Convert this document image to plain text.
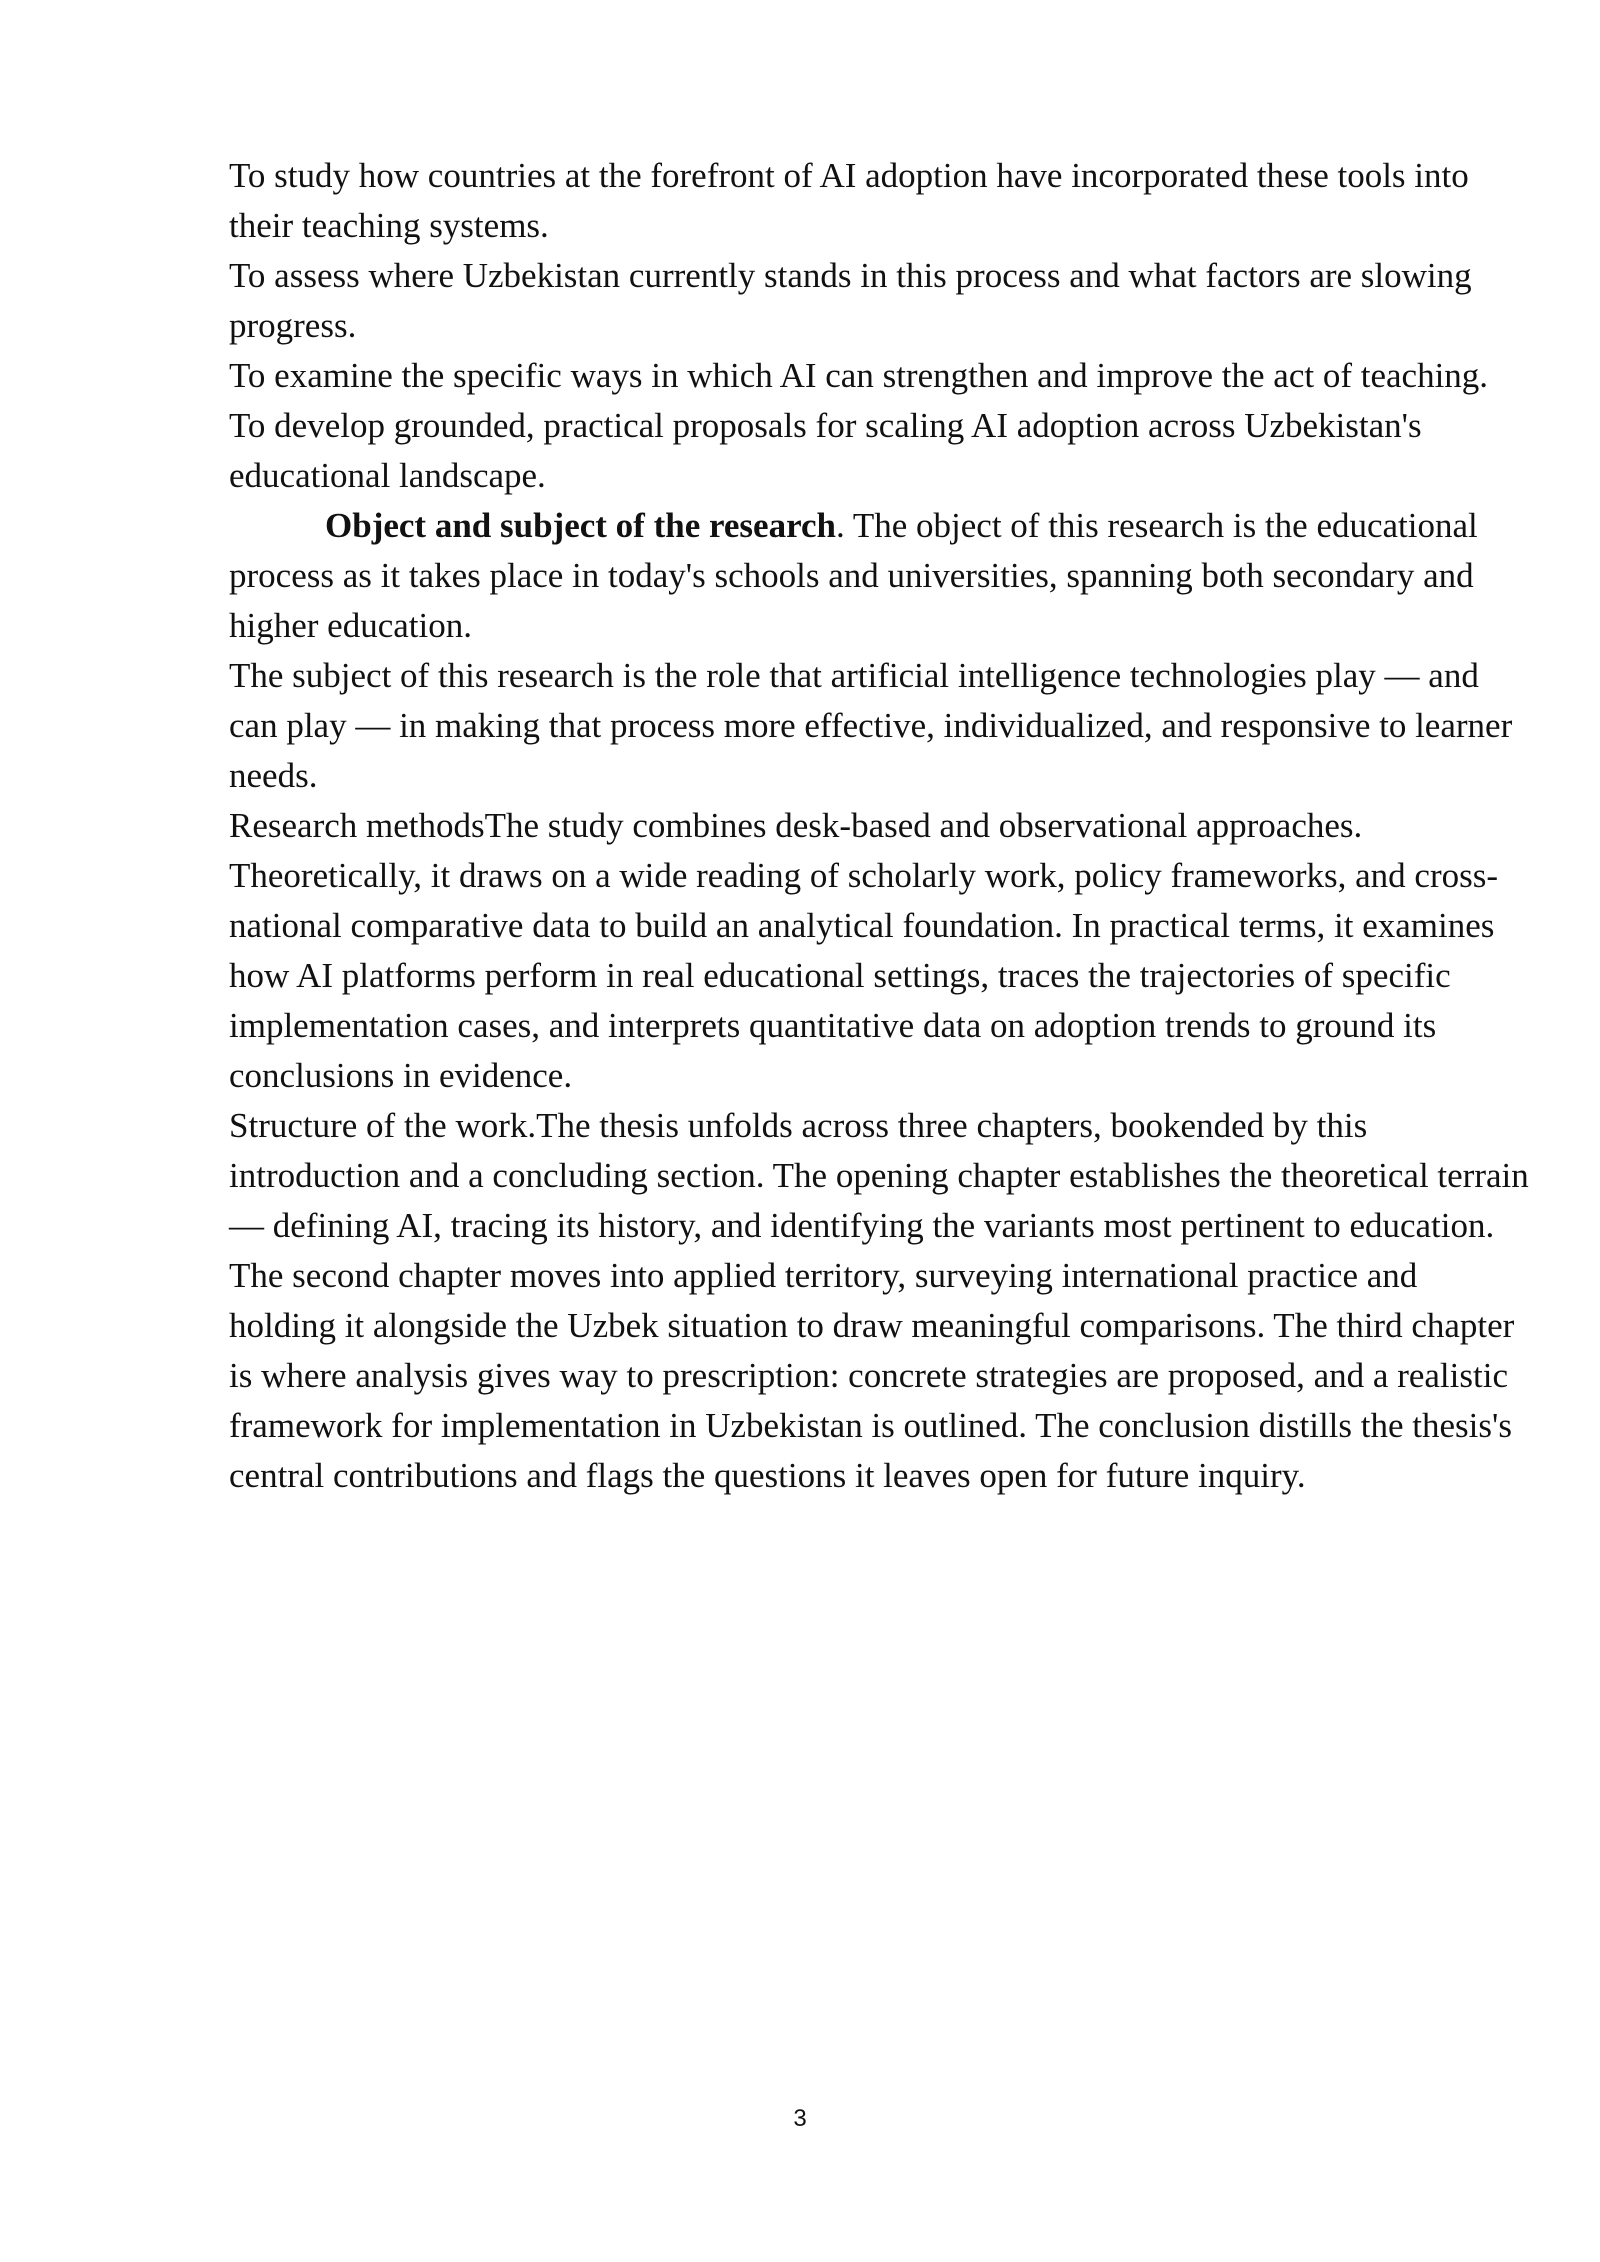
To study how countries at the forefront of AI adoption have incorporated these tools into their teaching systems.

To assess where Uzbekistan currently stands in this process and what factors are slowing progress.

To examine the specific ways in which AI can strengthen and improve the act of teaching.

To develop grounded, practical proposals for scaling AI adoption across Uzbekistan's educational landscape.

Object and subject of the research. The object of this research is the educational process as it takes place in today's schools and universities, spanning both secondary and higher education.

The subject of this research is the role that artificial intelligence technologies play — and can play — in making that process more effective, individualized, and responsive to learner needs.

Research methodsThe study combines desk-based and observational approaches. Theoretically, it draws on a wide reading of scholarly work, policy frameworks, and cross-national comparative data to build an analytical foundation. In practical terms, it examines how AI platforms perform in real educational settings, traces the trajectories of specific implementation cases, and interprets quantitative data on adoption trends to ground its conclusions in evidence.

Structure of the work.The thesis unfolds across three chapters, bookended by this introduction and a concluding section. The opening chapter establishes the theoretical terrain — defining AI, tracing its history, and identifying the variants most pertinent to education. The second chapter moves into applied territory, surveying international practice and holding it alongside the Uzbek situation to draw meaningful comparisons. The third chapter is where analysis gives way to prescription: concrete strategies are proposed, and a realistic framework for implementation in Uzbekistan is outlined. The conclusion distills the thesis's central contributions and flags the questions it leaves open for future inquiry.

3
